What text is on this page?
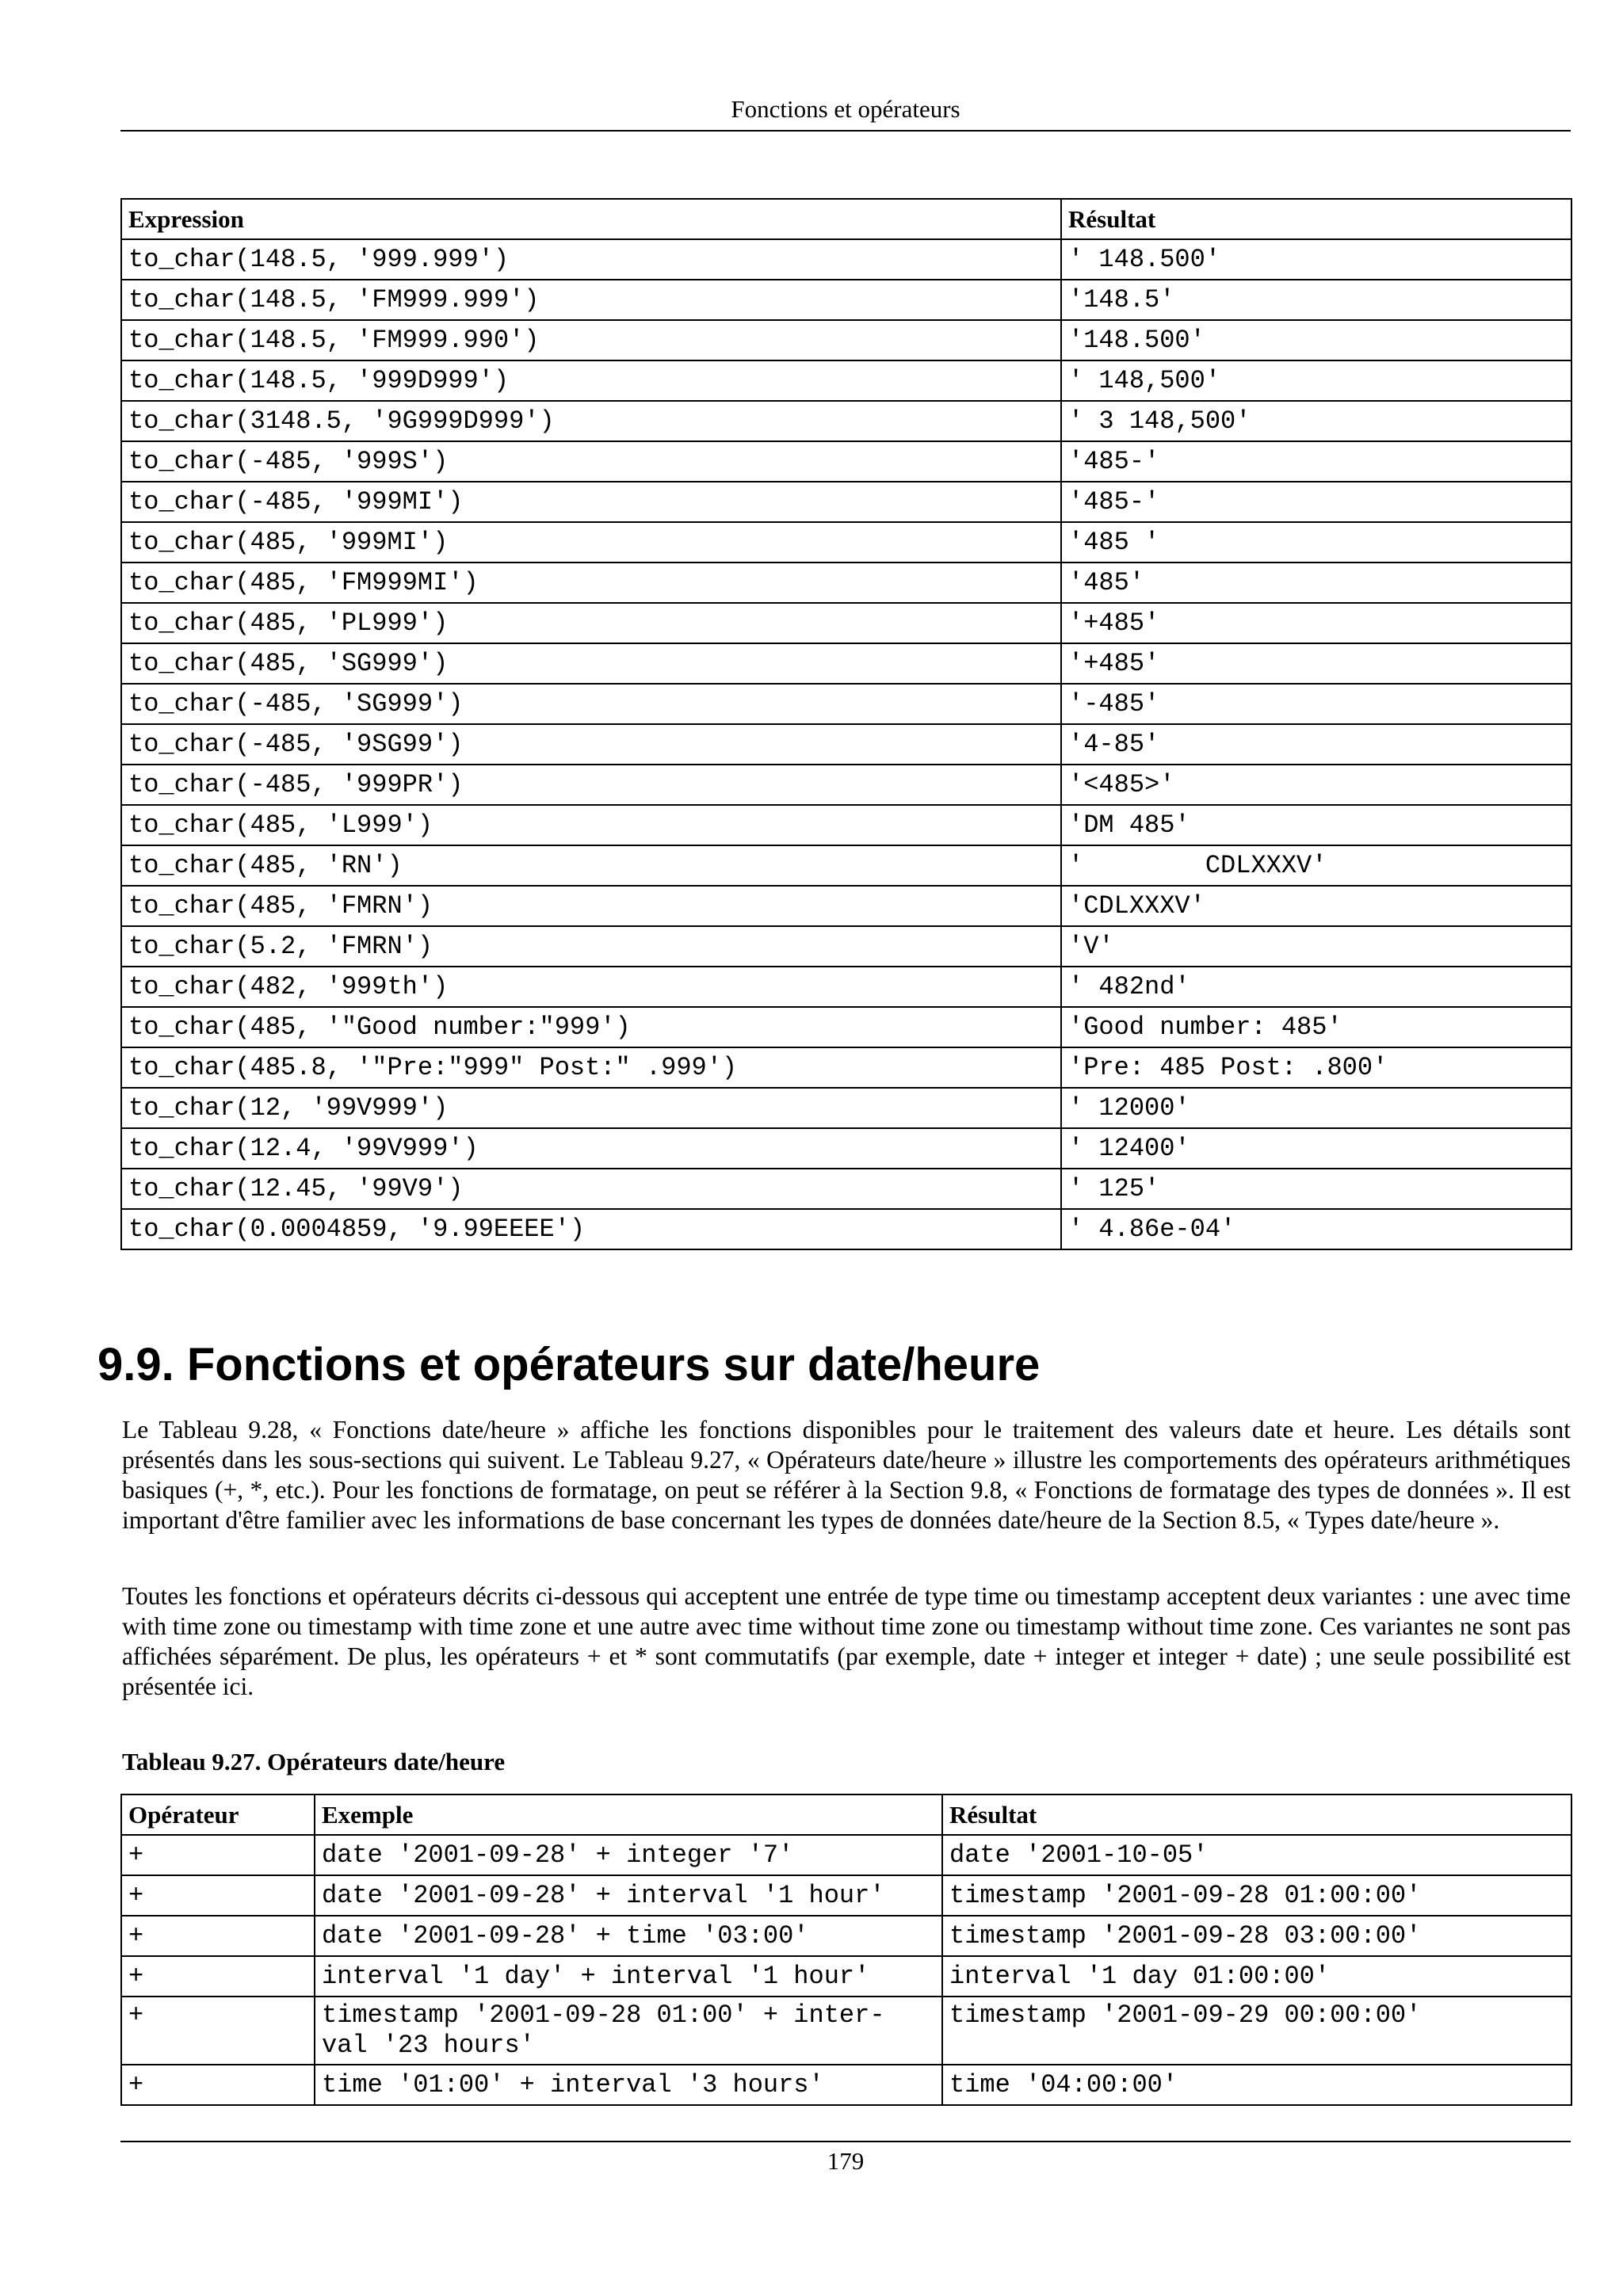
Fonctions et opérateurs
Expression	Résultat
to_char(148.5, '999.999')	' 148.500'
to_char(148.5, 'FM999.999')	'148.5'
to_char(148.5, 'FM999.990')	'148.500'
to_char(148.5, '999D999')	' 148,500'
to_char(3148.5, '9G999D999')	' 3 148,500'
to_char(-485, '999S')	'485-'
to_char(-485, '999MI')	'485-'
to_char(485, '999MI')	'485 '
to_char(485, 'FM999MI')	'485'
to_char(485, 'PL999')	'+485'
to_char(485, 'SG999')	'+485'
to_char(-485, 'SG999')	'-485'
to_char(-485, '9SG99')	'4-85'
to_char(-485, '999PR')	'<485>'
to_char(485, 'L999')	'DM 485'
to_char(485, 'RN')	'        CDLXXXV'
to_char(485, 'FMRN')	'CDLXXXV'
to_char(5.2, 'FMRN')	'V'
to_char(482, '999th')	' 482nd'
to_char(485, '"Good number:"999')	'Good number: 485'
to_char(485.8, '"Pre:"999" Post:" .999')	'Pre: 485 Post: .800'
to_char(12, '99V999')	' 12000'
to_char(12.4, '99V999')	' 12400'
to_char(12.45, '99V9')	' 125'
to_char(0.0004859, '9.99EEEE')	' 4.86e-04'
9.9. Fonctions et opérateurs sur date/heure

Le Tableau 9.28, « Fonctions date/heure » affiche les fonctions disponibles pour le traitement des valeurs date et heure. Les détails sont présentés dans les sous-sections qui suivent. Le Tableau 9.27, « Opérateurs date/heure » illustre les comportements des opérateurs arithmétiques basiques (+, *, etc.). Pour les fonctions de formatage, on peut se référer à la Section 9.8, « Fonctions de formatage des types de données ». Il est important d'être familier avec les informations de base concernant les types de données date/heure de la Section 8.5, « Types date/heure ».

Toutes les fonctions et opérateurs décrits ci-dessous qui acceptent une entrée de type time ou timestamp acceptent deux variantes : une avec time with time zone ou timestamp with time zone et une autre avec time without time zone ou timestamp without time zone. Ces variantes ne sont pas affichées séparément. De plus, les opérateurs + et * sont commutatifs (par exemple, date + integer et integer + date) ; une seule possibilité est présentée ici.

Tableau 9.27. Opérateurs date/heure

Opérateur	Exemple	Résultat
+	date '2001-09-28' + integer '7'	date '2001-10-05'
+	date '2001-09-28' + interval '1 hour'	timestamp '2001-09-28 01:00:00'
+	date '2001-09-28' + time '03:00'	timestamp '2001-09-28 03:00:00'
+	interval '1 day' + interval '1 hour'	interval '1 day 01:00:00'
+	timestamp '2001-09-28 01:00' + inter-
val '23 hours'	timestamp '2001-09-29 00:00:00'
+	time '01:00' + interval '3 hours'	time '04:00:00'
179
